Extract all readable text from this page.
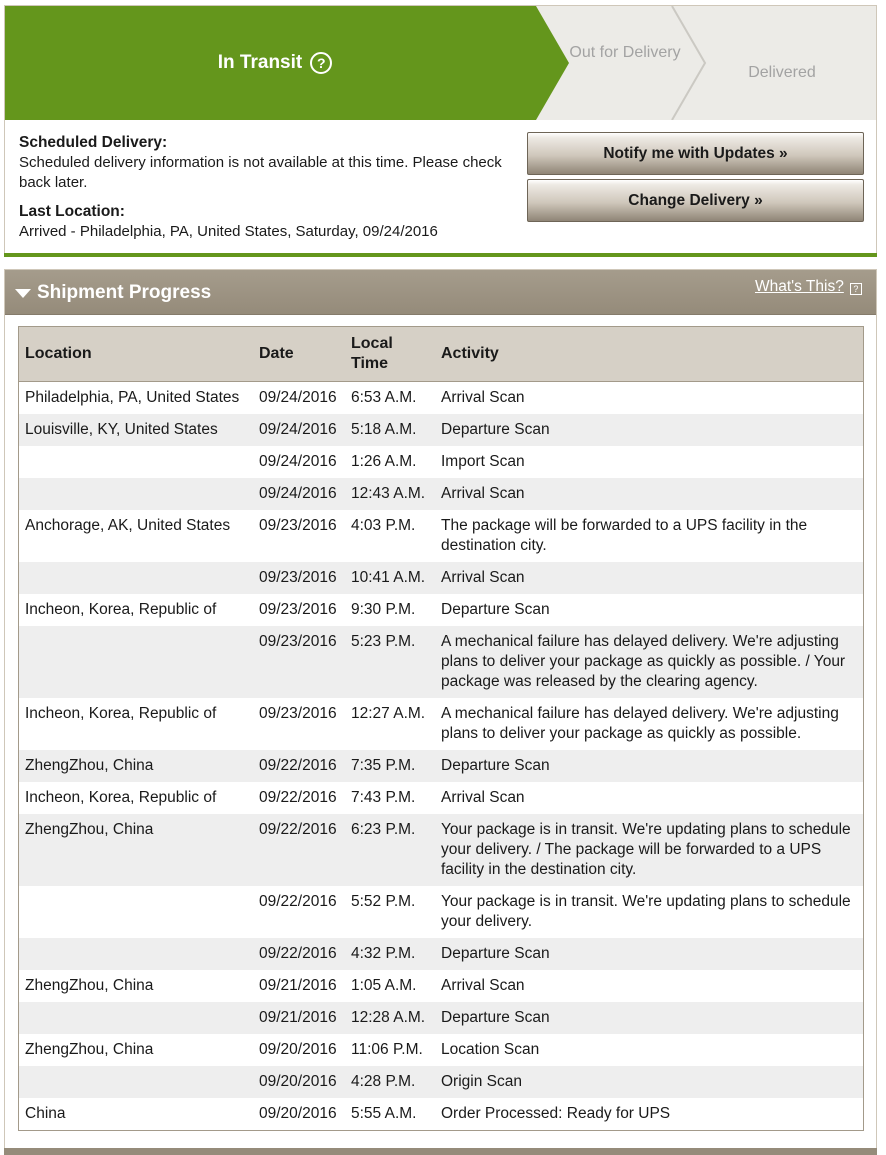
In Transit	?
Out for Delivery
Delivered
Scheduled Delivery:
Scheduled delivery information is not available at this time. Please check back later.
Last Location:
Arrived - Philadelphia, PA, United States, Saturday, 09/24/2016
Notify me with Updates »
Change Delivery »
Shipment Progress	What's This?	?
Location	Date	Local Time	Activity
Philadelphia, PA, United States	09/24/2016	6:53 A.M.	Arrival Scan
Louisville, KY, United States	09/24/2016	5:18 A.M.	Departure Scan
	09/24/2016	1:26 A.M.	Import Scan
	09/24/2016	12:43 A.M.	Arrival Scan
Anchorage, AK, United States	09/23/2016	4:03 P.M.	The package will be forwarded to a UPS facility in the destination city.
	09/23/2016	10:41 A.M.	Arrival Scan
Incheon, Korea, Republic of	09/23/2016	9:30 P.M.	Departure Scan
	09/23/2016	5:23 P.M.	A mechanical failure has delayed delivery. We're adjusting plans to deliver your package as quickly as possible. / Your package was released by the clearing agency.
Incheon, Korea, Republic of	09/23/2016	12:27 A.M.	A mechanical failure has delayed delivery. We're adjusting plans to deliver your package as quickly as possible.
ZhengZhou, China	09/22/2016	7:35 P.M.	Departure Scan
Incheon, Korea, Republic of	09/22/2016	7:43 P.M.	Arrival Scan
ZhengZhou, China	09/22/2016	6:23 P.M.	Your package is in transit. We're updating plans to schedule your delivery. / The package will be forwarded to a UPS facility in the destination city.
	09/22/2016	5:52 P.M.	Your package is in transit. We're updating plans to schedule your delivery.
	09/22/2016	4:32 P.M.	Departure Scan
ZhengZhou, China	09/21/2016	1:05 A.M.	Arrival Scan
	09/21/2016	12:28 A.M.	Departure Scan
ZhengZhou, China	09/20/2016	11:06 P.M.	Location Scan
	09/20/2016	4:28 P.M.	Origin Scan
China	09/20/2016	5:55 A.M.	Order Processed: Ready for UPS
